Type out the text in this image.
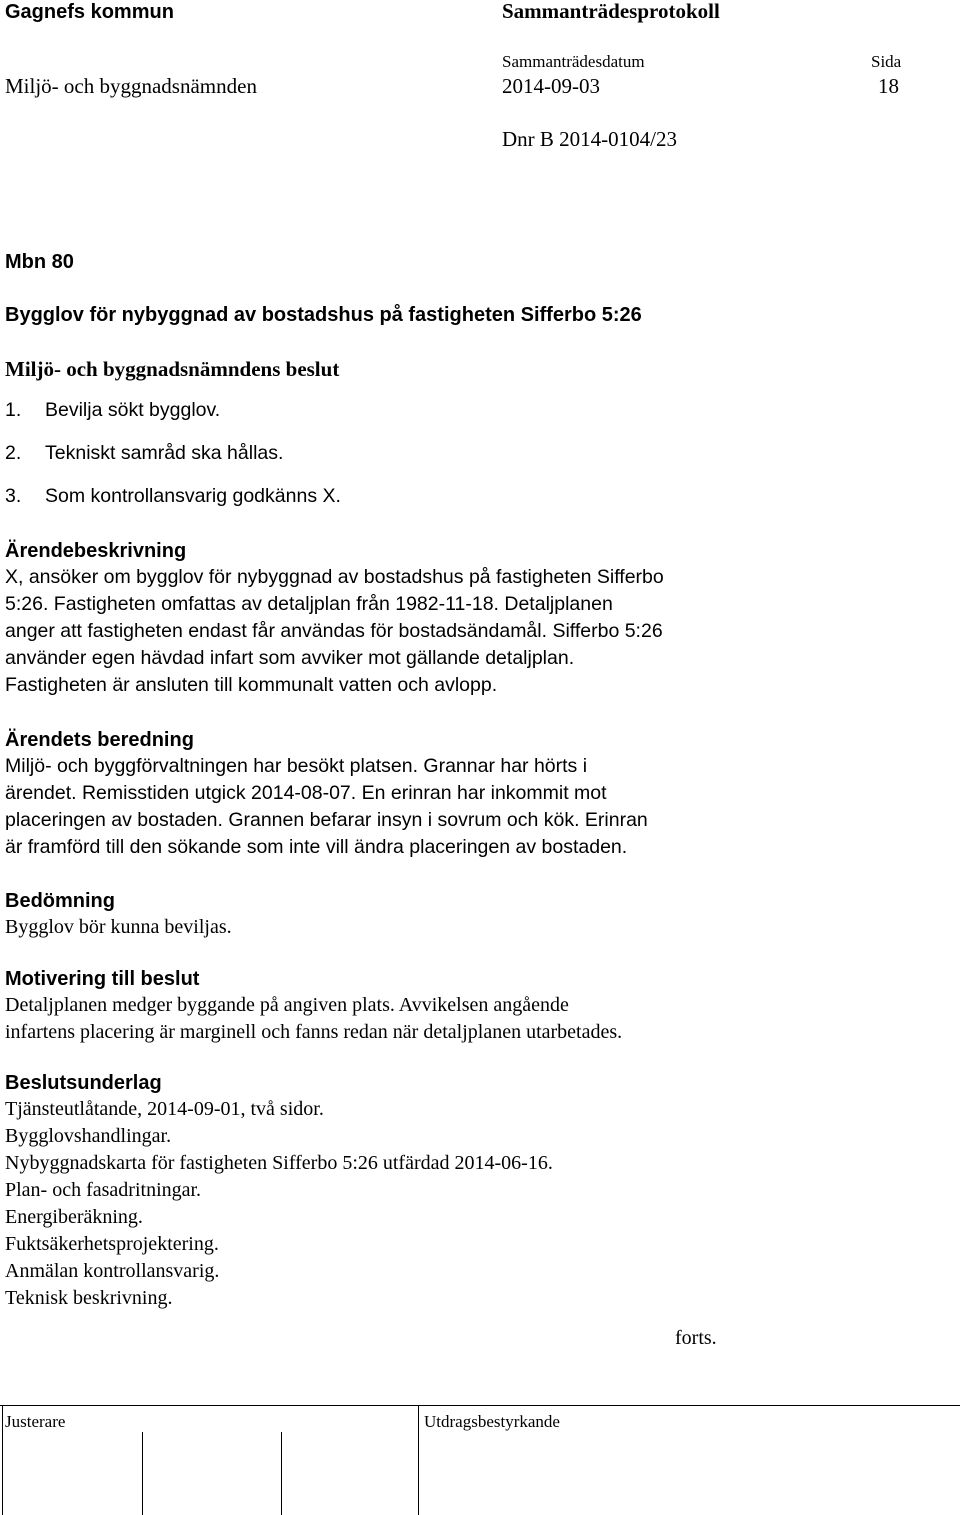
Gagnefs kommun	Sammanträdesprotokoll
Sammanträdesdatum	Sida
Miljö- och byggnadsnämnden	2014-09-03	18
Dnr B 2014-0104/23
Mbn 80
Bygglov för nybyggnad av bostadshus på fastigheten Sifferbo 5:26
Miljö- och byggnadsnämndens beslut
1. Bevilja sökt bygglov.
2. Tekniskt samråd ska hållas.
3. Som kontrollansvarig godkänns X.
Ärendebeskrivning
X, ansöker om bygglov för nybyggnad av bostadshus på fastigheten Sifferbo
5:26. Fastigheten omfattas av detaljplan från 1982-11-18. Detaljplanen
anger att fastigheten endast får användas för bostadsändamål. Sifferbo 5:26
använder egen hävdad infart som avviker mot gällande detaljplan.
Fastigheten är ansluten till kommunalt vatten och avlopp.
Ärendets beredning
Miljö- och byggförvaltningen har besökt platsen. Grannar har hörts i
ärendet. Remisstiden utgick 2014-08-07. En erinran har inkommit mot
placeringen av bostaden. Grannen befarar insyn i sovrum och kök. Erinran
är framförd till den sökande som inte vill ändra placeringen av bostaden.
Bedömning
Bygglov bör kunna beviljas.
Motivering till beslut
Detaljplanen medger byggande på angiven plats. Avvikelsen angående
infartens placering är marginell och fanns redan när detaljplanen utarbetades.
Beslutsunderlag
Tjänsteutlåtande, 2014-09-01, två sidor.
Bygglovshandlingar.
Nybyggnadskarta för fastigheten Sifferbo 5:26 utfärdad 2014-06-16.
Plan- och fasadritningar.
Energiberäkning.
Fuktsäkerhetsprojektering.
Anmälan kontrollansvarig.
Teknisk beskrivning.
forts.
Justerare	Utdragsbestyrkande
